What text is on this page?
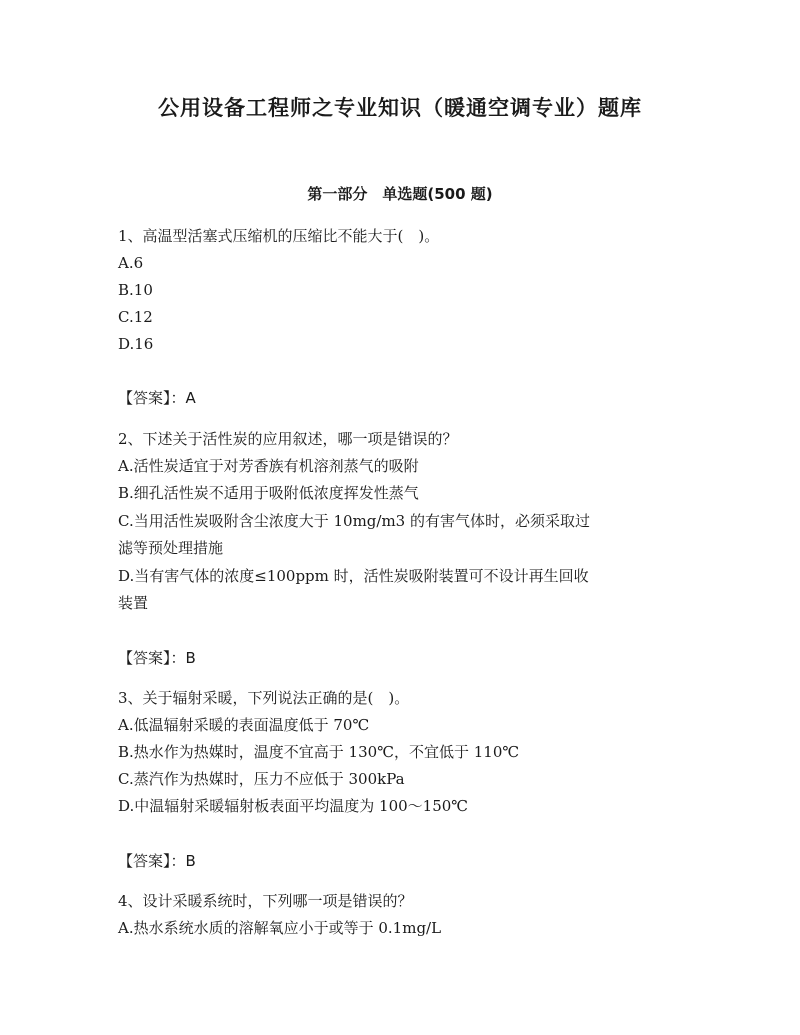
公用设备工程师之专业知识（暖通空调专业）题库
第一部分　单选题(500 题)
1、高温型活塞式压缩机的压缩比不能大于(　)。
A.6
B.10
C.12
D.16
【答案】：A
2、下述关于活性炭的应用叙述，哪一项是错误的？
A.活性炭适宜于对芳香族有机溶剂蒸气的吸附
B.细孔活性炭不适用于吸附低浓度挥发性蒸气
C.当用活性炭吸附含尘浓度大于 10mg/m3 的有害气体时，必须采取过
滤等预处理措施
D.当有害气体的浓度≤100ppm 时，活性炭吸附装置可不设计再生回收
装置
【答案】：B
3、关于辐射采暖，下列说法正确的是(　)。
A.低温辐射采暖的表面温度低于 70℃
B.热水作为热媒时，温度不宜高于 130℃，不宜低于 110℃
C.蒸汽作为热媒时，压力不应低于 300kPa
D.中温辐射采暖辐射板表面平均温度为 100～150℃
【答案】：B
4、设计采暖系统时，下列哪一项是错误的？
A.热水系统水质的溶解氧应小于或等于 0.1mg/L
